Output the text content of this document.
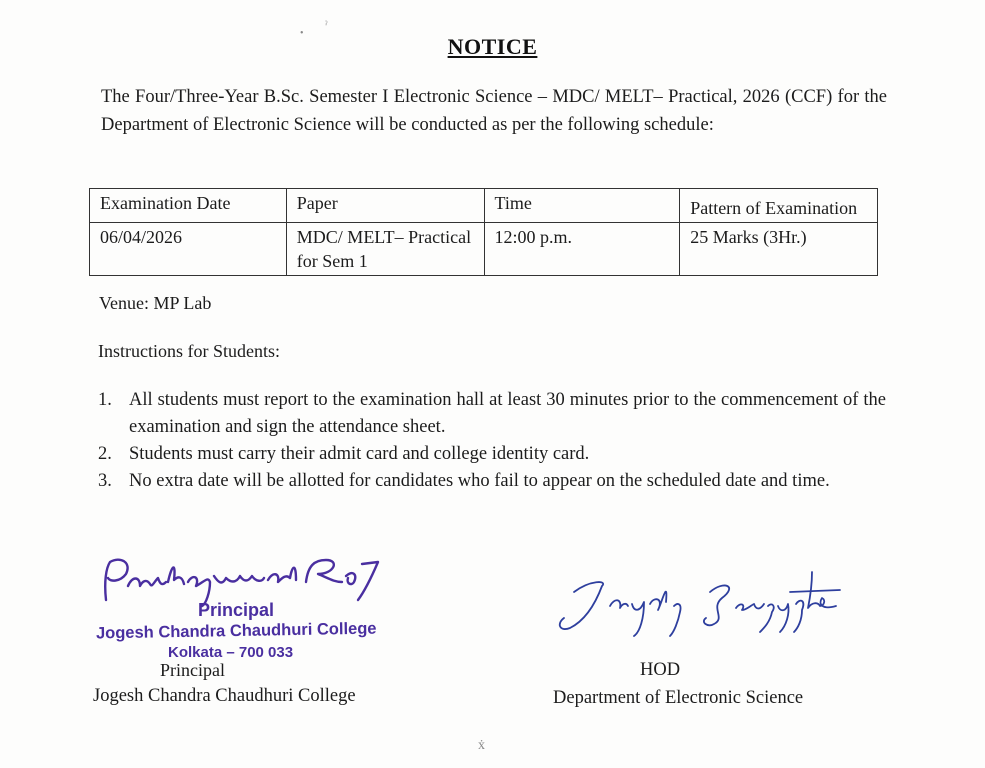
•
ˀ
NOTICE
The Four/Three-Year B.Sc. Semester I Electronic Science – MDC/ MELT– Practical, 2026 (CCF) for the Department of Electronic Science will be conducted as per the following schedule:
Examination Date	Paper	Time	Pattern of Examination
06/04/2026	MDC/ MELT– Practical for Sem 1	12:00 p.m.	25 Marks (3Hr.)
Venue: MP Lab
Instructions for Students:
1. All students must report to the examination hall at least 30 minutes prior to the commencement of the examination and sign the attendance sheet.
2. Students must carry their admit card and college identity card.
3. No extra date will be allotted for candidates who fail to appear on the scheduled date and time.
Principal
Jogesh Chandra Chaudhuri College
Kolkata – 700 033
Principal
Jogesh Chandra Chaudhuri College
HOD
Department of Electronic Science
ẋ
